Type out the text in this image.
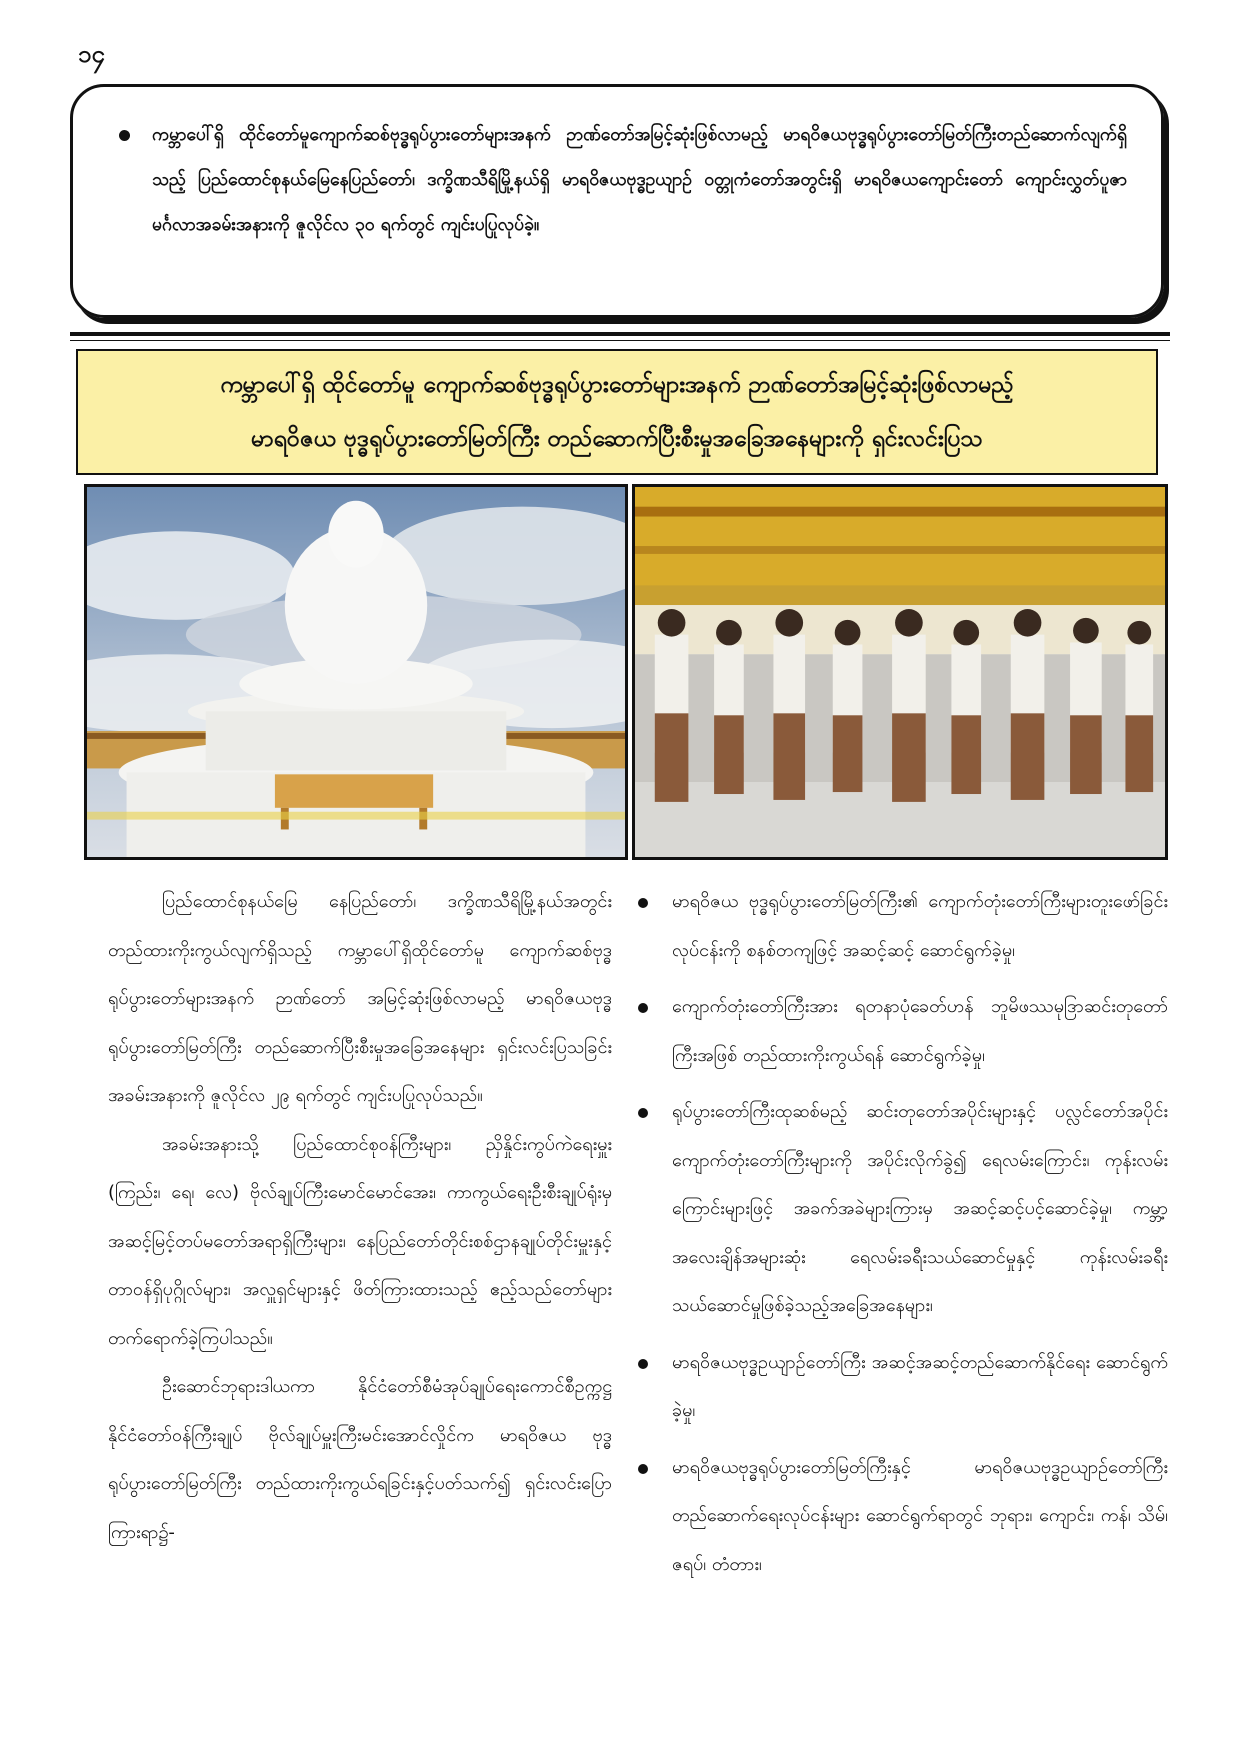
၁၄
ကမ္ဘာပေါ်ရှိ ထိုင်တော်မူကျောက်ဆစ်ဗုဒ္ဓရုပ်ပွားတော်များအနက် ဉာဏ်တော်အမြင့်ဆုံးဖြစ်လာမည့် မာရဝိဇယဗုဒ္ဓရုပ်ပွားတော်မြတ်ကြီးတည်ဆောက်လျက်ရှိသည့် ပြည်ထောင်စုနယ်မြေနေပြည်တော်၊ ဒက္ခိဏသီရိမြို့နယ်ရှိ မာရဝိဇယဗုဒ္ဓဥယျာဉ် ဝတ္တုကံတော်အတွင်းရှိ မာရဝိဇယကျောင်းတော် ကျောင်းလွှတ်ပူဇာ မင်္ဂလာအခမ်းအနားကို ဇူလိုင်လ ၃၀ ရက်တွင် ကျင်းပပြုလုပ်ခဲ့။
ကမ္ဘာပေါ်ရှိ ထိုင်တော်မူ ကျောက်ဆစ်ဗုဒ္ဓရုပ်ပွားတော်များအနက် ဉာဏ်တော်အမြင့်ဆုံးဖြစ်လာမည့်
မာရဝိဇယ ဗုဒ္ဓရုပ်ပွားတော်မြတ်ကြီး တည်ဆောက်ပြီးစီးမှုအခြေအနေများကို ရှင်းလင်းပြသ

ပြည်ထောင်စုနယ်မြေ နေပြည်တော်၊ ဒက္ခိဏသီရိမြို့နယ်အတွင်း တည်ထားကိုးကွယ်လျက်ရှိသည့် ကမ္ဘာပေါ်ရှိထိုင်တော်မူ ကျောက်ဆစ်ဗုဒ္ဓရုပ်ပွားတော်များအနက် ဉာဏ်တော် အမြင့်ဆုံးဖြစ်လာမည့် မာရဝိဇယဗုဒ္ဓ ရုပ်ပွားတော်မြတ်ကြီး တည်ဆောက်ပြီးစီးမှုအခြေအနေများ ရှင်းလင်းပြသခြင်း အခမ်းအနားကို ဇူလိုင်လ ၂၉ ရက်တွင် ကျင်းပပြုလုပ်သည်။

အခမ်းအနားသို့ ပြည်ထောင်စုဝန်ကြီးများ၊ ညှိနှိုင်းကွပ်ကဲရေးမှူး (ကြည်း၊ ရေ၊ လေ) ဗိုလ်ချုပ်ကြီးမောင်မောင်အေး၊ ကာကွယ်ရေးဦးစီးချုပ်ရုံးမှ အဆင့်မြင့်တပ်မတော်အရာရှိကြီးများ၊ နေပြည်တော်တိုင်းစစ်ဌာနချုပ်တိုင်းမှူးနှင့် တာဝန်ရှိပုဂ္ဂိုလ်များ၊ အလှူရှင်များနှင့် ဖိတ်ကြားထားသည့် ဧည့်သည်တော်များ တက်ရောက်ခဲ့ကြပါသည်။

ဦးဆောင်ဘုရားဒါယကာ နိုင်ငံတော်စီမံအုပ်ချုပ်ရေးကောင်စီဥက္ကဋ္ဌ နိုင်ငံတော်ဝန်ကြီးချုပ် ဗိုလ်ချုပ်မှူးကြီးမင်းအောင်လှိုင်က မာရဝိဇယ ဗုဒ္ဓရုပ်ပွားတော်မြတ်ကြီး တည်ထားကိုးကွယ်ရခြင်းနှင့်ပတ်သက်၍ ရှင်းလင်းပြောကြားရာ၌-

မာရဝိဇယ ဗုဒ္ဓရုပ်ပွားတော်မြတ်ကြီး၏ ကျောက်တုံးတော်ကြီးများတူးဖော်ခြင်းလုပ်ငန်းကို စနစ်တကျဖြင့် အဆင့်ဆင့် ဆောင်ရွက်ခဲ့မှု၊
ကျောက်တုံးတော်ကြီးအား ရတနာပုံခေတ်ဟန် ဘူမိဖဿမုဒြာဆင်းတုတော်ကြီးအဖြစ် တည်ထားကိုးကွယ်ရန် ဆောင်ရွက်ခဲ့မှု၊
ရုပ်ပွားတော်ကြီးထုဆစ်မည့် ဆင်းတုတော်အပိုင်းများနှင့် ပလ္လင်တော်အပိုင်း ကျောက်တုံးတော်ကြီးများကို အပိုင်းလိုက်ခွဲ၍ ရေလမ်းကြောင်း၊ ကုန်းလမ်းကြောင်းများဖြင့် အခက်အခဲများကြားမှ အဆင့်ဆင့်ပင့်ဆောင်ခဲ့မှု၊ ကမ္ဘာ့အလေးချိန်အများဆုံး ရေလမ်းခရီးသယ်ဆောင်မှုနှင့် ကုန်းလမ်းခရီးသယ်ဆောင်မှုဖြစ်ခဲ့သည့်အခြေအနေများ၊
မာရဝိဇယဗုဒ္ဓဥယျာဉ်တော်ကြီး အဆင့်အဆင့်တည်ဆောက်နိုင်ရေး ဆောင်ရွက်ခဲ့မှု၊
မာရဝိဇယဗုဒ္ဓရုပ်ပွားတော်မြတ်ကြီးနှင့် မာရဝိဇယဗုဒ္ဓဥယျာဉ်တော်ကြီး တည်ဆောက်ရေးလုပ်ငန်းများ ဆောင်ရွက်ရာတွင် ဘုရား၊ ကျောင်း၊ ကန်၊ သိမ်၊ ဇရပ်၊ တံတား၊
